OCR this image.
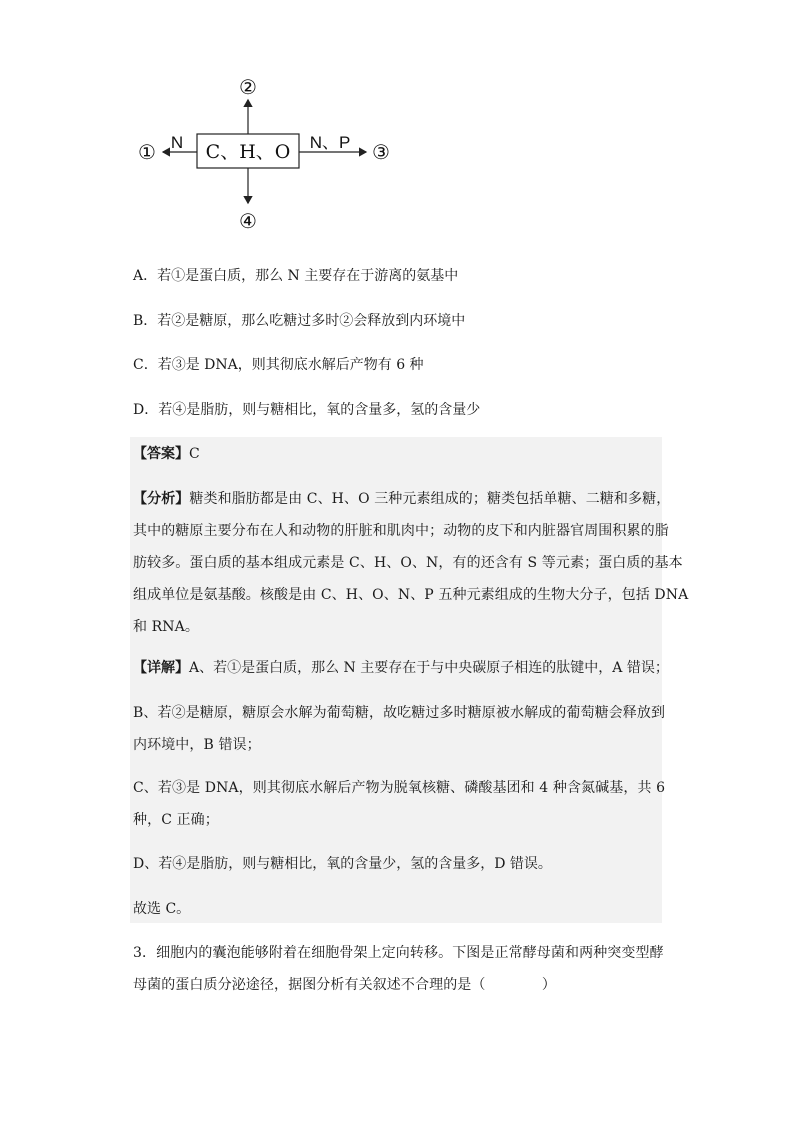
C、H、O
②
④
N
①	N、P ③
A．若①是蛋白质，那么 N 主要存在于游离的氨基中
B．若②是糖原，那么吃糖过多时②会释放到内环境中
C．若③是 DNA，则其彻底水解后产物有 6 种
D．若④是脂肪，则与糖相比，氧的含量多，氢的含量少
【答案】C
【分析】糖类和脂肪都是由 C、H、O 三种元素组成的；糖类包括单糖、二糖和多糖，
其中的糖原主要分布在人和动物的肝脏和肌肉中；动物的皮下和内脏器官周围积累的脂
肪较多。蛋白质的基本组成元素是 C、H、O、N，有的还含有 S 等元素；蛋白质的基本
组成单位是氨基酸。核酸是由 C、H、O、N、P 五种元素组成的生物大分子，包括 DNA
和 RNA。
【详解】A、若①是蛋白质，那么 N 主要存在于与中央碳原子相连的肽键中，A 错误；
B、若②是糖原，糖原会水解为葡萄糖，故吃糖过多时糖原被水解成的葡萄糖会释放到
内环境中，B 错误；
C、若③是 DNA，则其彻底水解后产物为脱氧核糖、磷酸基团和 4 种含氮碱基，共 6
种，C 正确；
D、若④是脂肪，则与糖相比，氧的含量少，氢的含量多，D 错误。
故选 C。
3．细胞内的囊泡能够附着在细胞骨架上定向转移。下图是正常酵母菌和两种突变型酵
母菌的蛋白质分泌途径，据图分析有关叙述不合理的是（　　　　）
